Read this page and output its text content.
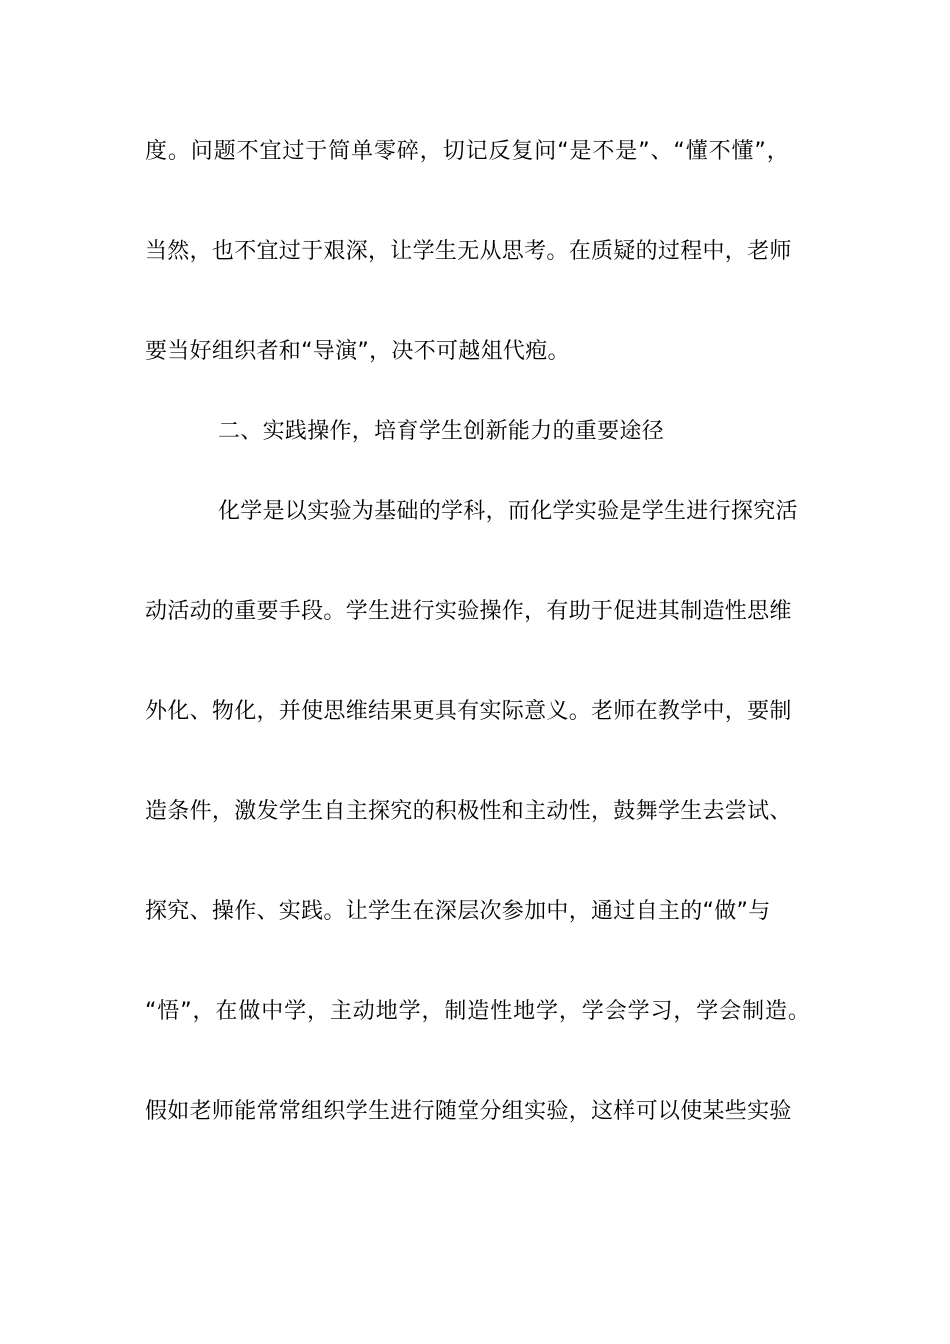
度。问题不宜过于简单零碎，切记反复问“是不是”、“懂不懂”，
当然，也不宜过于艰深，让学生无从思考。在质疑的过程中，老师
要当好组织者和“导演”，决不可越俎代疱。
二、实践操作，培育学生创新能力的重要途径
化学是以实验为基础的学科，而化学实验是学生进行探究活
动活动的重要手段。学生进行实验操作，有助于促进其制造性思维
外化、物化，并使思维结果更具有实际意义。老师在教学中，要制
造条件，激发学生自主探究的积极性和主动性，鼓舞学生去尝试、
探究、操作、实践。让学生在深层次参加中，通过自主的“做”与
“悟”，在做中学，主动地学，制造性地学，学会学习，学会制造。
假如老师能常常组织学生进行随堂分组实验，这样可以使某些实验
